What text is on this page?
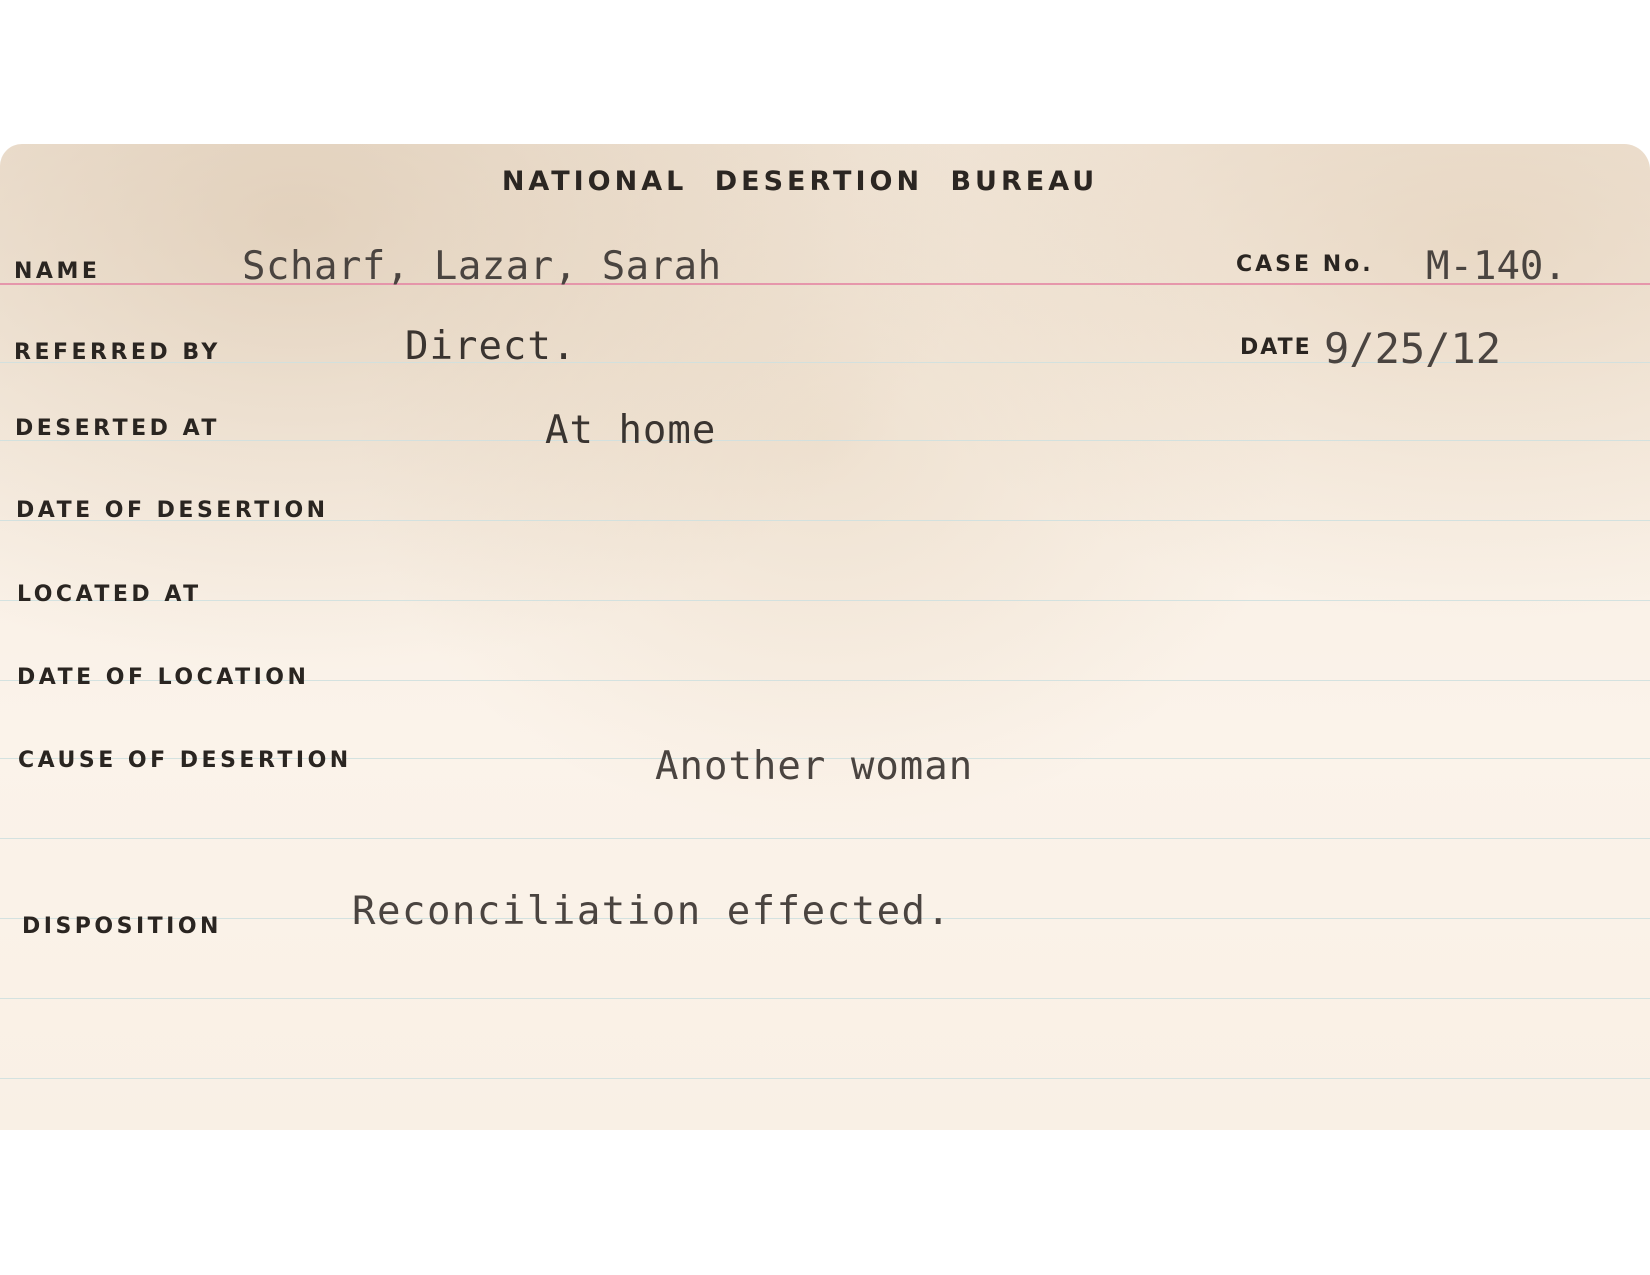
NATIONAL DESERTION BUREAU
NAME	Scharf, Lazar, Sarah	CASE No. M-140.
REFERRED BY	Direct.	DATE 9/25/12
DESERTED AT	At home
DATE OF DESERTION
LOCATED AT
DATE OF LOCATION
CAUSE OF DESERTION	Another woman
DISPOSITION	Reconciliation effected.
